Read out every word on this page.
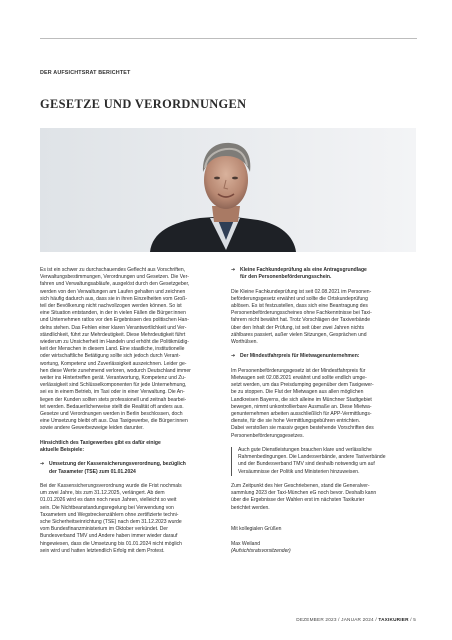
DER AUFSICHTSRAT BERICHTET
GESETZE UND VERORDNUNGEN

Es ist ein schwer zu durchschauendes Geflecht aus Vorschriften,

Verwaltungsbestimmungen, Verordnungen und Gesetzen. Die Ver-

fahren und Verwaltungsabläufe, ausgelöst durch den Gesetzgeber,

werden von den Verwaltungen am Laufen gehalten und zeichnen

sich häufig dadurch aus, dass sie in ihren Einzelheiten vom Groß-

teil der Bevölkerung nicht nachvollzogen werden können. So ist

eine Situation entstanden, in der in vielen Fällen die Bürger:innen

und Unternehmen ratlos vor den Ergebnissen des politischen Han-

delns stehen. Das Fehlen einer klaren Verantwortlichkeit und Ver-

ständlichkeit, führt zur Mehrdeutigkeit. Diese Mehrdeutigkeit führt

wiederum zu Unsicherheit im Handeln und erhöht die Politikmüdig-

keit der Menschen in diesem Land. Eine staatliche, institutionelle

oder wirtschaftliche Betätigung sollte sich jedoch durch Verant-

wortung, Kompetenz und Zuverlässigkeit auszeichnen. Leider ge-

hen diese Werte zunehmend verloren, wodurch Deutschland immer

weiter ins Hintertreffen gerät. Verantwortung, Kompetenz und Zu-

verlässigkeit sind Schlüsselkomponenten für jede Unternehmung,

sei es in einem Betrieb, im Taxi oder in einer Verwaltung. Die An-

liegen der Kunden sollten stets professionell und zeitnah bearbei-

tet werden. Bedauerlicherweise stellt die Realität oft anders aus.

Gesetze und Verordnungen werden in Berlin beschlossen, doch

eine Umsetzung bleibt oft aus. Das Taxigewerbe, die Bürger:innen

sowie andere Gewerbezweige leiden darunter.

Hinsichtlich des Taxigewerbes gibt es dafür einige

aktuelle Beispiele:

➔ Umsetzung der Kassensicherungsverordnung, bezüglich

der Taxameter (TSE) zum 01.01.2024

Bei der Kassensicherungsverordnung wurde die Frist nochmals

um zwei Jahre, bis zum 31.12.2025, verlängert. Ab dem

01.01.2026 wird es dann noch neun Jahren, vielleicht so weit

sein. Die Nichtbeanstandungsregelung bei Verwendung von

Taxametern und Wegstreckenzählern ohne zertifizierte techni-

sche Sicherheitseinrichtung (TSE) nach dem 31.12.2023 wurde

vom Bundesfinanzministerium im Oktober verkündet. Der

Bundesverband TMV und Andere haben immer wieder darauf

hingewiesen, dass die Umsetzung bis 01.01.2024 nicht möglich

sein wird und hatten letztendlich Erfolg mit dem Protest.

➔ Kleine Fachkundeprüfung als eine Antragsgrundlage

für den Personenbeförderungsschein.

Die Kleine Fachkundeprüfung ist seit 02.08.2021 im Personen-

beförderungsgesetz erwähnt und sollte die Ortskundeprüfung

ablösen. Es ist festzustellen, dass sich eine Beantragung des

Personenbeförderungsscheines ohne Fachkenntnisse bei Taxi-

fahrern nicht bewährt hat. Trotz Vorschlägen der Taxiverbände

über den Inhalt der Prüfung, ist seit über zwei Jahren nichts

zählbares passiert, außer vielen Sitzungen, Gesprächen und

Worthülsen.

➔ Der Mindestfahrpreis für Mietwagenunternehmen:

Im Personenbeförderungsgesetz ist der Mindestfahrpreis für

Mietwagen seit 02.08.2021 erwähnt und sollte endlich umge-

setzt werden, um das Preisdumping gegenüber dem Taxigewer-

be zu stoppen. Die Flut der Mietwagen aus allen möglichen

Landkreisen Bayerns, die sich alleine im Münchner Stadtgebiet

bewegen, nimmt unkontrollierbare Ausmaße an. Diese Mietwa-

genunternehmen arbeiten ausschließlich für APP-Vermittlungs-

dienste, für die sie hohe Vermittlungsgebühren entrichten.

Dabei verstoßen sie massiv gegen bestehende Vorschriften des

Personenbeförderungsgesetzes.

Auch gute Dienstleistungen brauchen klare und verlässliche

Rahmenbedingungen. Die Landesverbände, andere Taxiverbände

und der Bundesverband TMV sind deshalb notwendig um auf

Versäumnisse der Politik und Ministerien hinzuweisen.

Zum Zeitpunkt des hier Geschriebenen, stand die Generalver-

sammlung 2023 der Taxi-München eG noch bevor. Deshalb kann

über die Ergebnisse der Wahlen erst im nächsten Taxikurier

berichtet werden.

Mit kollegialen Grüßen

Max Weiland

(Aufsichtsratsvorsitzender)

DEZEMBER 2023 / JANUAR 2024 / TAXIKURIER / 5
